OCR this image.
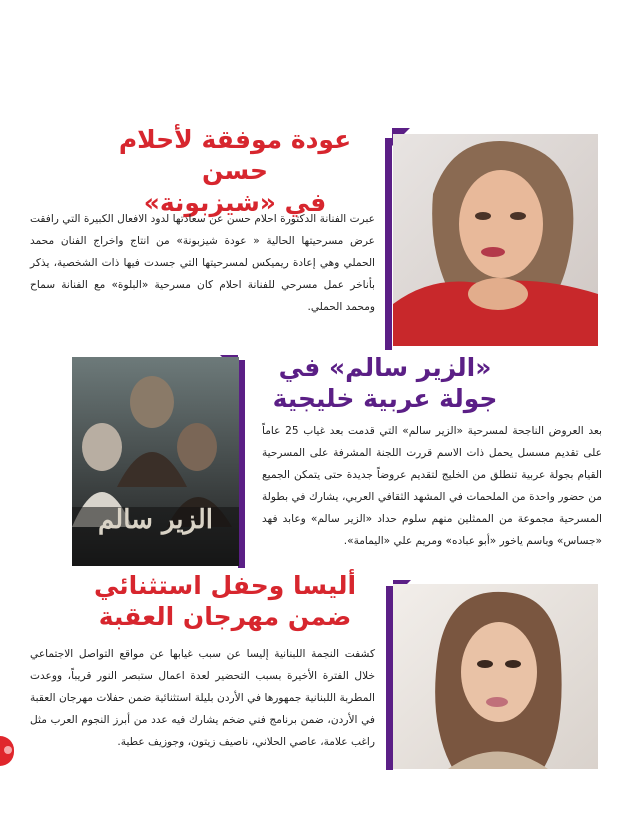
عودة موفقة لأحلام حسن
في «شيزبونة»

عبرت الفنانة الدكتورة احلام حسن عن سعادتها لدود الافعال الكبيرة التي رافقت عرض مسرحيتها الحالية « عودة شيزبونة» من انتاج واخراج الفنان محمد الحملي وهي إعادة ريميكس لمسرحيتها التي جسدت فيها ذات الشخصية، يذكر بأناخر عمل مسرحي للفنانة احلام كان مسرحية «البلوة» مع الفنانة سماح ومحمد الحملي.

الزير سالم
«الزير سالم» في
جولة عربية خليجية

بعد العروض الناجحة لمسرحية «الزير سالم» التي قدمت بعد غياب 25 عاماً على تقديم مسسل يحمل ذات الاسم قررت اللجنة المشرفة على المسرحية القيام بجولة عربية تنطلق من الخليج لتقديم عروضاً جديدة حتى يتمكن الجميع من حضور واحدة من الملحمات في المشهد الثقافي العربي، يشارك في بطولة المسرحية مجموعة من الممثلين منهم سلوم حداد «الزير سالم» وعابد فهد «جساس» وباسم ياخور «أبو عباده» ومريم علي «اليمامة».

أليسا وحفل استثنائي
ضمن مهرجان العقبة

كشفت النجمة اللبنانية إليسا عن سبب غيابها عن مواقع التواصل الاجتماعي خلال الفترة الأخيرة بسبب التحضير لعدة اعمال ستبصر النور قريباً، ووعدت المطربة اللبنانية جمهورها في الأردن بليلة استثنائية ضمن حفلات مهرجان العقبة في الأردن، ضمن برنامج فني ضخم يشارك فيه عدد من أبرز النجوم العرب مثل راغب علامة، عاصي الحلاني، ناصيف زيتون، وجوزيف عطية.
